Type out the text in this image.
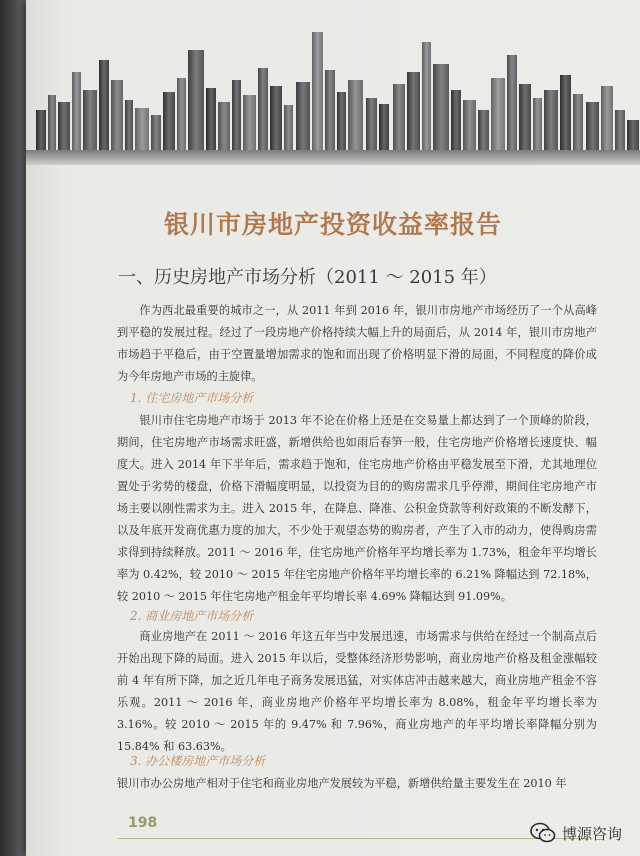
银川市房地产投资收益率报告
一、历史房地产市场分析（2011 ～ 2015 年）

作为西北最重要的城市之一，从 2011 年到 2016 年，银川市房地产市场经历了一个从高峰到平稳的发展过程。经过了一段房地产价格持续大幅上升的局面后，从 2014 年，银川市房地产市场趋于平稳后，由于空置量增加需求的饱和而出现了价格明显下滑的局面，不同程度的降价成为今年房地产市场的主旋律。

1. 住宅房地产市场分析

银川市住宅房地产市场于 2013 年不论在价格上还是在交易量上都达到了一个顶峰的阶段，期间，住宅房地产市场需求旺盛，新增供给也如雨后春笋一般，住宅房地产价格增长速度快、幅度大。进入 2014 年下半年后，需求趋于饱和，住宅房地产价格由平稳发展至下滑，尤其地理位置处于劣势的楼盘，价格下滑幅度明显，以投资为目的的购房需求几乎停滞，期间住宅房地产市场主要以刚性需求为主。进入 2015 年，在降息、降准、公积金贷款等利好政策的不断发酵下，以及年底开发商优惠力度的加大，不少处于观望态势的购房者，产生了入市的动力，使得购房需求得到持续释放。2011 ～ 2016 年，住宅房地产价格年平均增长率为 1.73%，租金年平均增长率为 0.42%，较 2010 ～ 2015 年住宅房地产价格年平均增长率的 6.21% 降幅达到 72.18%，较 2010 ～ 2015 年住宅房地产租金年平均增长率 4.69% 降幅达到 91.09%。

2. 商业房地产市场分析

商业房地产在 2011 ～ 2016 年这五年当中发展迅速，市场需求与供给在经过一个制高点后开始出现下降的局面。进入 2015 年以后，受整体经济形势影响，商业房地产价格及租金涨幅较前 4 年有所下降，加之近几年电子商务发展迅猛，对实体店冲击越来越大，商业房地产租金不容乐观。2011 ～ 2016 年，商业房地产价格年平均增长率为 8.08%，租金年平均增长率为 3.16%。较 2010 ～ 2015 年的 9.47% 和 7.96%，商业房地产的年平均增长率降幅分别为 15.84% 和 63.63%。

3. 办公楼房地产市场分析

银川市办公房地产相对于住宅和商业房地产发展较为平稳，新增供给量主要发生在 2010 年

198
博源咨询
